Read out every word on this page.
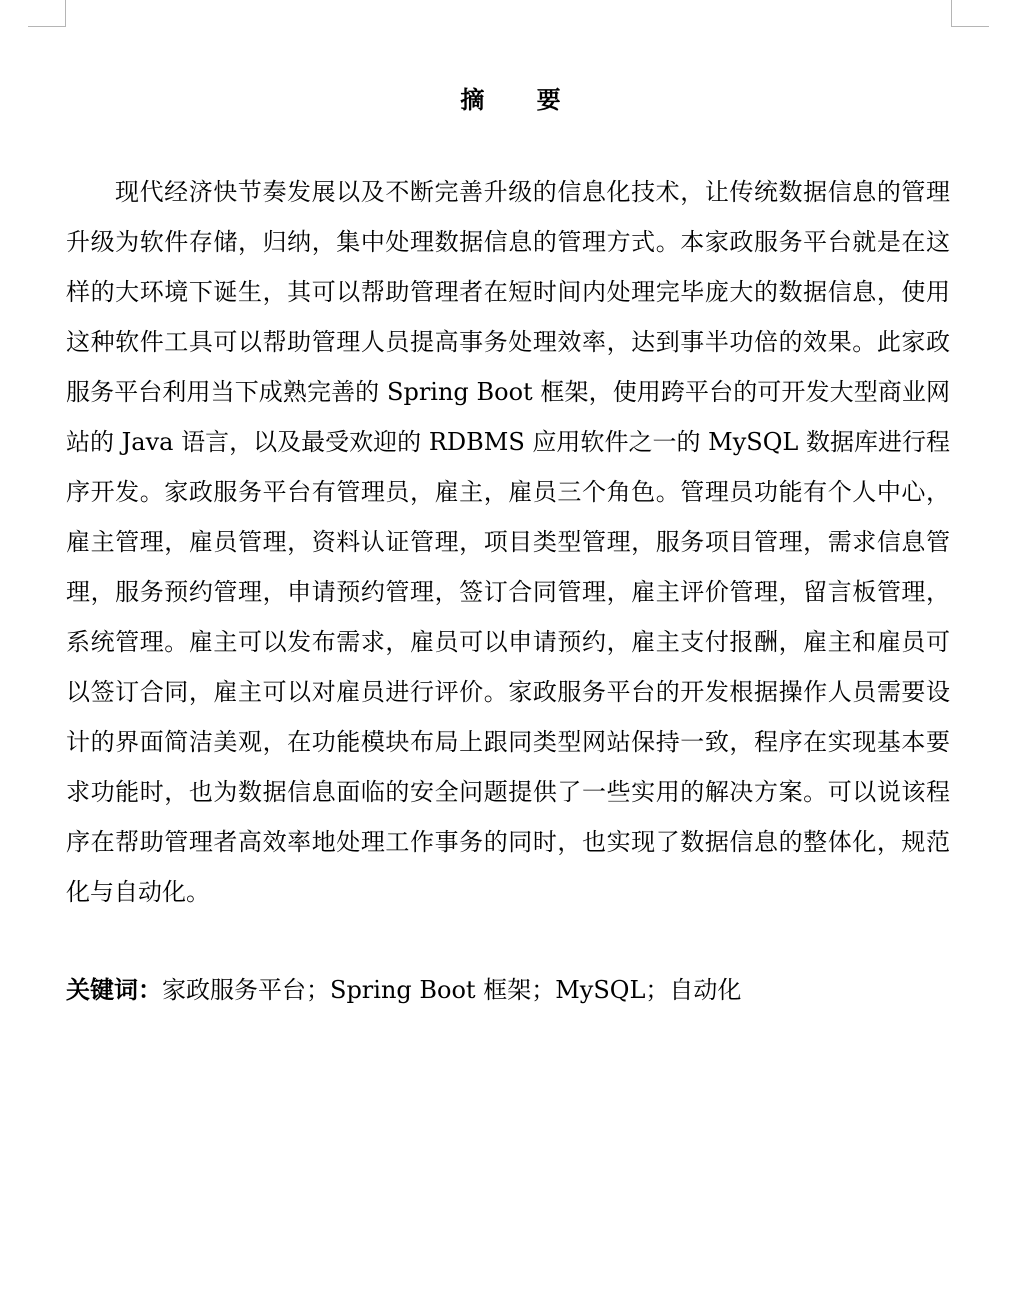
摘 要

现代经济快节奏发展以及不断完善升级的信息化技术，让传统数据信息的管理升级为软件存储，归纳，集中处理数据信息的管理方式。本家政服务平台就是在这样的大环境下诞生，其可以帮助管理者在短时间内处理完毕庞大的数据信息，使用这种软件工具可以帮助管理人员提高事务处理效率，达到事半功倍的效果。此家政服务平台利用当下成熟完善的 Spring Boot 框架，使用跨平台的可开发大型商业网站的 Java 语言，以及最受欢迎的 RDBMS 应用软件之一的 MySQL 数据库进行程序开发。家政服务平台有管理员，雇主，雇员三个角色。管理员功能有个人中心，雇主管理，雇员管理，资料认证管理，项目类型管理，服务项目管理，需求信息管理，服务预约管理，申请预约管理，签订合同管理，雇主评价管理，留言板管理，系统管理。雇主可以发布需求，雇员可以申请预约，雇主支付报酬，雇主和雇员可以签订合同，雇主可以对雇员进行评价。家政服务平台的开发根据操作人员需要设计的界面简洁美观，在功能模块布局上跟同类型网站保持一致，程序在实现基本要求功能时，也为数据信息面临的安全问题提供了一些实用的解决方案。可以说该程序在帮助管理者高效率地处理工作事务的同时，也实现了数据信息的整体化，规范化与自动化。

关键词：家政服务平台；Spring Boot 框架；MySQL；自动化
